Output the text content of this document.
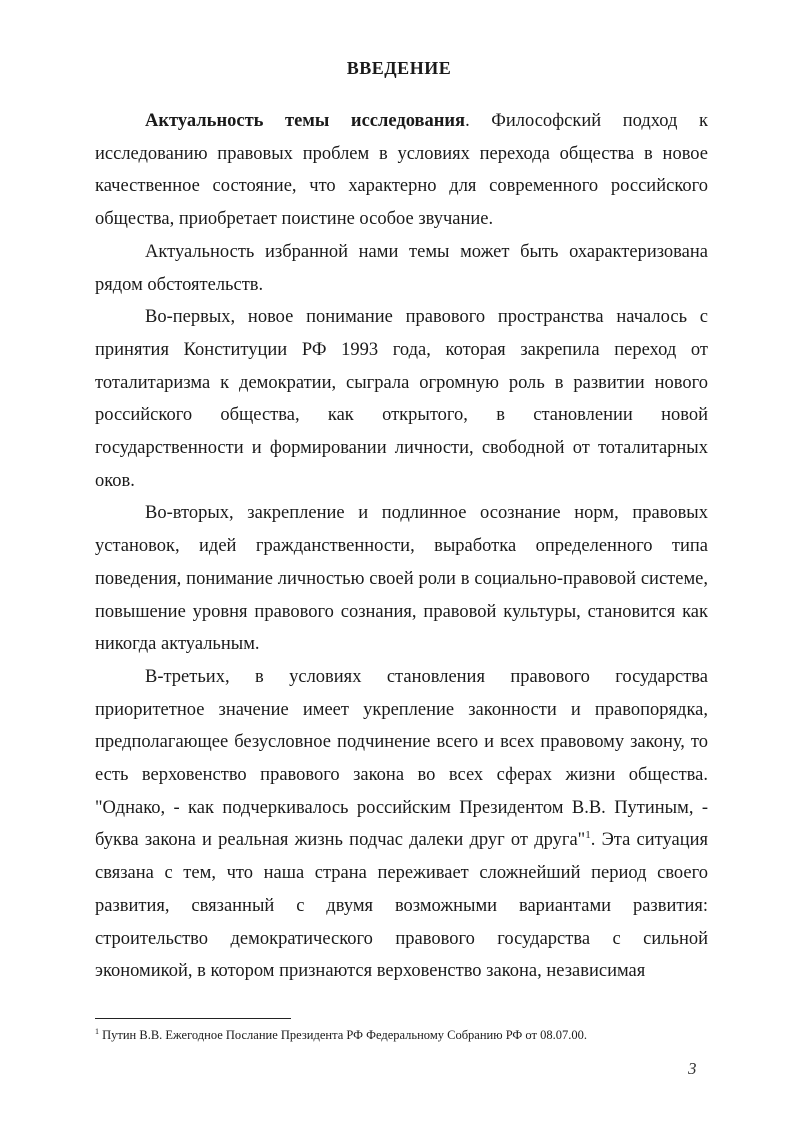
ВВЕДЕНИЕ

Актуальность темы исследования. Философский подход к исследованию правовых проблем в условиях перехода общества в новое качественное состояние, что характерно для современного российского общества, приобретает поистине особое звучание.

Актуальность избранной нами темы может быть охарактеризована рядом обстоятельств.

Во-первых, новое понимание правового пространства началось с принятия Конституции РФ 1993 года, которая закрепила переход от тоталитаризма к демократии, сыграла огромную роль в развитии нового российского общества, как открытого, в становлении новой государственности и формировании личности, свободной от тоталитарных оков.

Во-вторых, закрепление и подлинное осознание норм, правовых установок, идей гражданственности, выработка определенного типа поведения, понимание личностью своей роли в социально-правовой системе, повышение уровня правового сознания, правовой культуры, становится как никогда актуальным.

В-третьих, в условиях становления правового государства приоритетное значение имеет укрепление законности и правопорядка, предполагающее безусловное подчинение всего и всех правовому закону, то есть верховенство правового закона во всех сферах жизни общества. "Однако, - как подчеркивалось российским Президентом В.В. Путиным, - буква закона и реальная жизнь подчас далеки друг от друга"$^1$. Эта ситуация связана с тем, что наша страна переживает сложнейший период своего развития, связанный с двумя возможными вариантами развития: строительство демократического правового государства с сильной экономикой, в котором признаются верховенство закона, независимая

$^1$ Путин В.В. Ежегодное Послание Президента РФ Федеральному Собранию РФ от 08.07.00.
3
